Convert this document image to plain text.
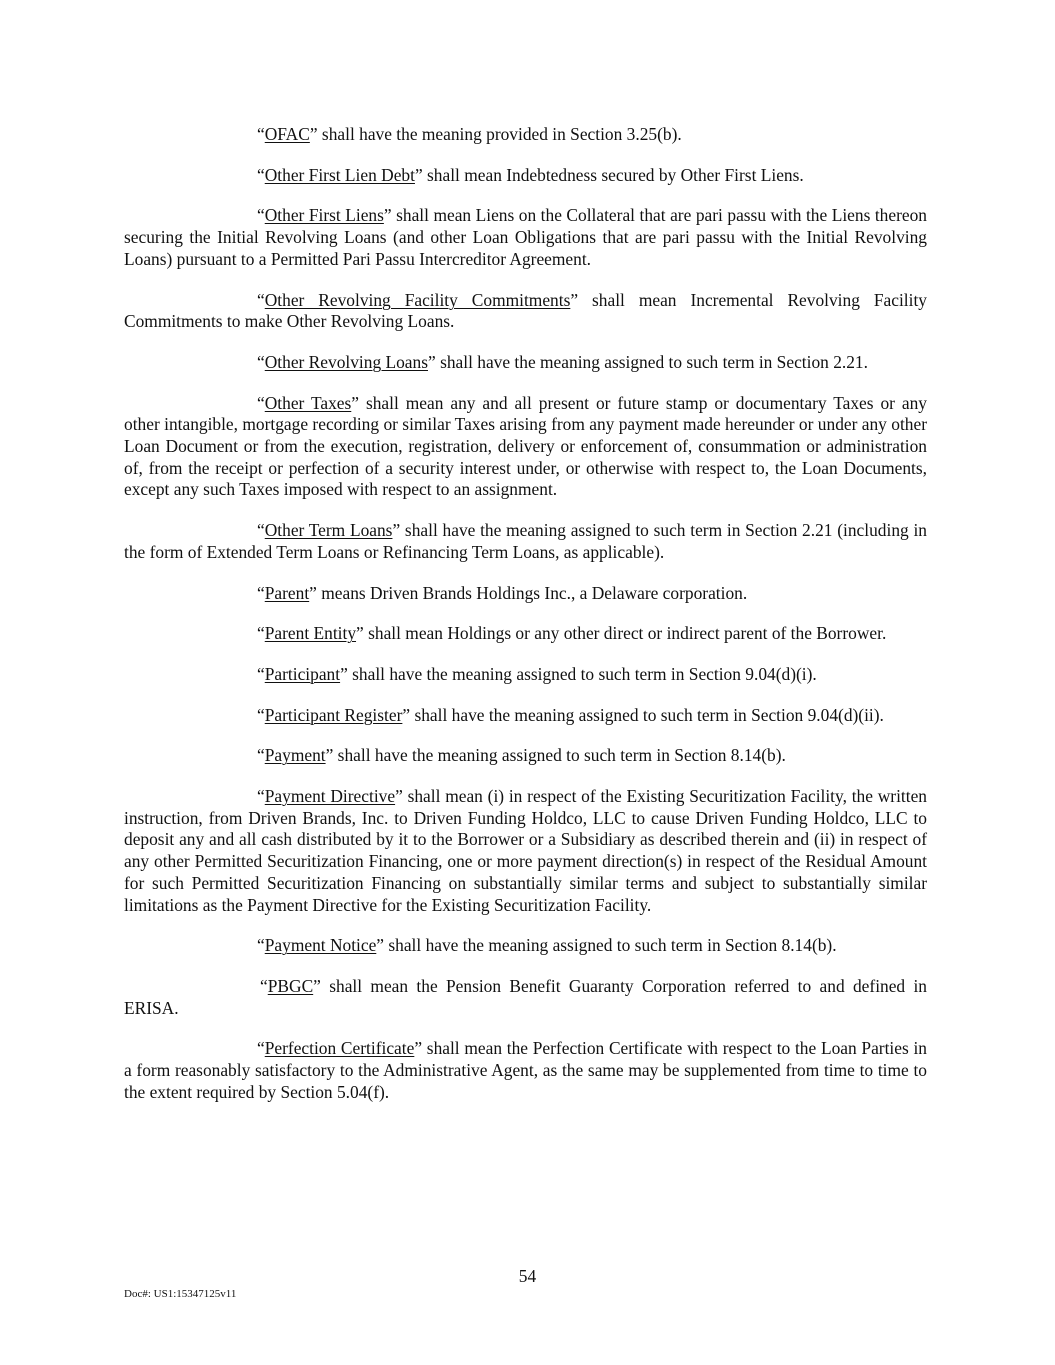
“OFAC” shall have the meaning provided in Section 3.25(b).

“Other First Lien Debt” shall mean Indebtedness secured by Other First Liens.

“Other First Liens” shall mean Liens on the Collateral that are pari passu with the Liens thereon securing the Initial Revolving Loans (and other Loan Obligations that are pari passu with the Initial Revolving Loans) pursuant to a Permitted Pari Passu Intercreditor Agreement.

“Other Revolving Facility Commitments” shall mean Incremental Revolving Facility Commitments to make Other Revolving Loans.

“Other Revolving Loans” shall have the meaning assigned to such term in Section 2.21.

“Other Taxes” shall mean any and all present or future stamp or documentary Taxes or any other intangible, mortgage recording or similar Taxes arising from any payment made hereunder or under any other Loan Document or from the execution, registration, delivery or enforcement of, consummation or administration of, from the receipt or perfection of a security interest under, or otherwise with respect to, the Loan Documents, except any such Taxes imposed with respect to an assignment.

“Other Term Loans” shall have the meaning assigned to such term in Section 2.21 (including in the form of Extended Term Loans or Refinancing Term Loans, as applicable).

“Parent” means Driven Brands Holdings Inc., a Delaware corporation.

“Parent Entity” shall mean Holdings or any other direct or indirect parent of the Borrower.

“Participant” shall have the meaning assigned to such term in Section 9.04(d)(i).

“Participant Register” shall have the meaning assigned to such term in Section 9.04(d)(ii).

“Payment” shall have the meaning assigned to such term in Section 8.14(b).

“Payment Directive” shall mean (i) in respect of the Existing Securitization Facility, the written instruction, from Driven Brands, Inc. to Driven Funding Holdco, LLC to cause Driven Funding Holdco, LLC to deposit any and all cash distributed by it to the Borrower or a Subsidiary as described therein and (ii) in respect of any other Permitted Securitization Financing, one or more payment direction(s) in respect of the Residual Amount for such Permitted Securitization Financing on substantially similar terms and subject to substantially similar limitations as the Payment Directive for the Existing Securitization Facility.

“Payment Notice” shall have the meaning assigned to such term in Section 8.14(b).

“PBGC” shall mean the Pension Benefit Guaranty Corporation referred to and defined in ERISA.

“Perfection Certificate” shall mean the Perfection Certificate with respect to the Loan Parties in a form reasonably satisfactory to the Administrative Agent, as the same may be supplemented from time to time to the extent required by Section 5.04(f).

54
Doc#: US1:15347125v11
